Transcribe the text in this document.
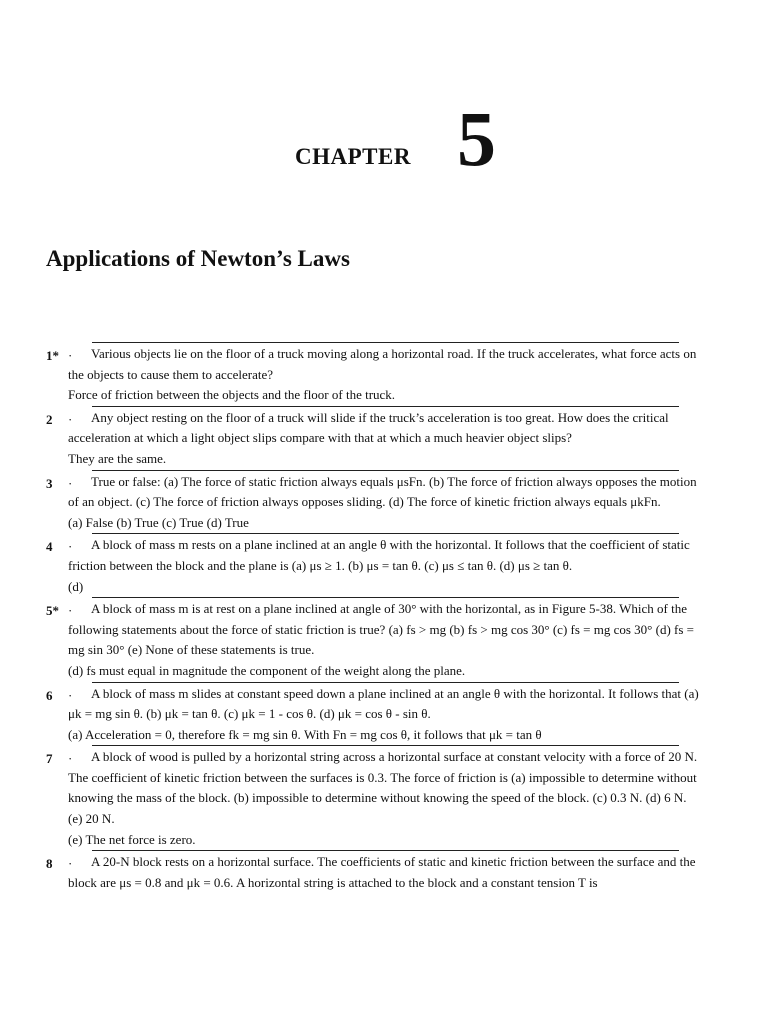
CHAPTER 5
Applications of Newton’s Laws
1* ·	Various objects lie on the floor of a truck moving along a horizontal road. If the truck accelerates, what force acts on the objects to cause them to accelerate?

Force of friction between the objects and the floor of the truck.

2 ·	Any object resting on the floor of a truck will slide if the truck’s acceleration is too great. How does the critical acceleration at which a light object slips compare with that at which a much heavier object slips?

They are the same.

3 ·	True or false: (a) The force of static friction always equals μsFn. (b) The force of friction always opposes the motion of an object. (c) The force of friction always opposes sliding. (d) The force of kinetic friction always equals μkFn.

(a) False (b) True (c) True (d) True

4 ·	A block of mass m rests on a plane inclined at an angle θ with the horizontal. It follows that the coefficient of static friction between the block and the plane is (a) μs ≥ 1. (b) μs = tan θ. (c) μs ≤ tan θ. (d) μs ≥ tan θ.

(d)

5* ·	A block of mass m is at rest on a plane inclined at angle of 30° with the horizontal, as in Figure 5-38. Which of the following statements about the force of static friction is true? (a) fs > mg (b) fs > mg cos 30° (c) fs = mg cos 30° (d) fs = mg sin 30° (e) None of these statements is true.

(d) fs must equal in magnitude the component of the weight along the plane.

6 ·	A block of mass m slides at constant speed down a plane inclined at an angle θ with the horizontal. It follows that (a) μk = mg sin θ. (b) μk = tan θ. (c) μk = 1 - cos θ. (d) μk = cos θ - sin θ.

(a) Acceleration = 0, therefore fk = mg sin θ. With Fn = mg cos θ, it follows that μk = tan θ

7 ·	A block of wood is pulled by a horizontal string across a horizontal surface at constant velocity with a force of 20 N. The coefficient of kinetic friction between the surfaces is 0.3. The force of friction is (a) impossible to determine without knowing the mass of the block. (b) impossible to determine without knowing the speed of the block. (c) 0.3 N. (d) 6 N. (e) 20 N.

(e) The net force is zero.

8 ·	A 20-N block rests on a horizontal surface. The coefficients of static and kinetic friction between the surface and the block are μs = 0.8 and μk = 0.6. A horizontal string is attached to the block and a constant tension T is
